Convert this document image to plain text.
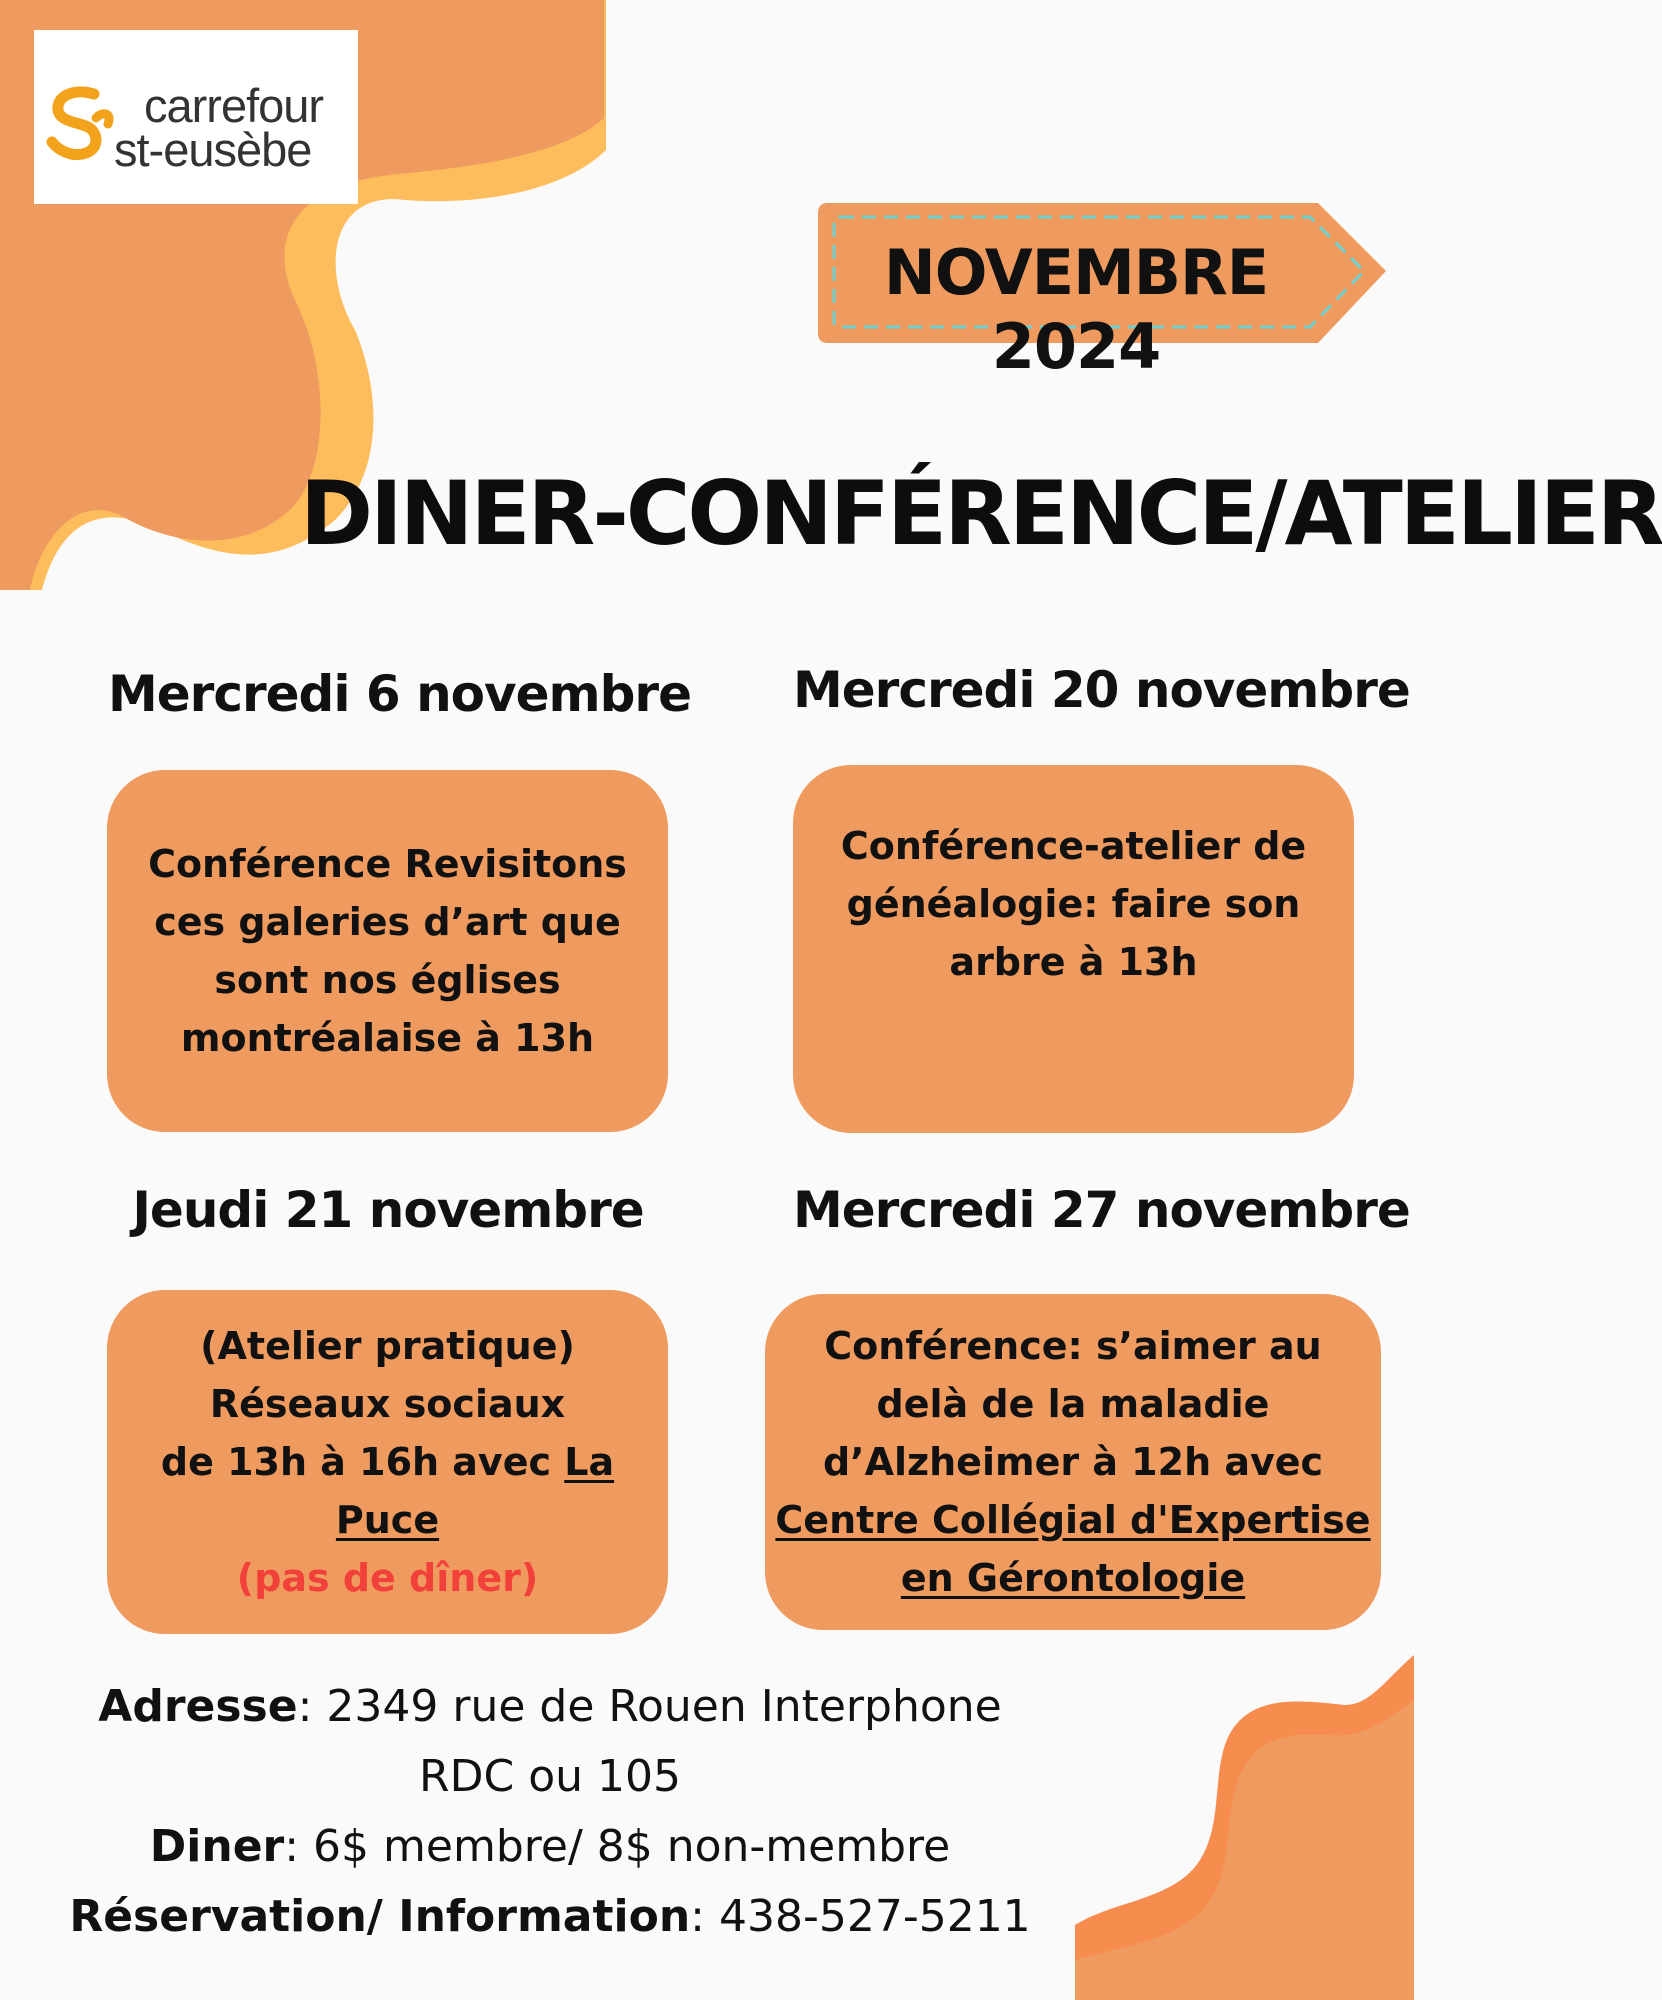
carrefour
st-eusèbe
NOVEMBRE 2024
DINER-CONFÉRENCE/ATELIER
Mercredi 6 novembre
Conférence Revisitons ces galeries d’art que sont nos églises montréalaise à 13h
Mercredi 20 novembre
Conférence-atelier de généalogie: faire son arbre à 13h
Jeudi 21 novembre
(Atelier pratique)
Réseaux sociaux
de 13h à 16h avec La Puce
(pas de dîner)
Mercredi 27 novembre
Conférence: s’aimer au delà de la maladie d’Alzheimer à 12h avec Centre Collégial d'Expertise en Gérontologie
Adresse: 2349 rue de Rouen Interphone
RDC ou 105
Diner: 6$ membre/ 8$ non-membre
Réservation/ Information: 438-527-5211
